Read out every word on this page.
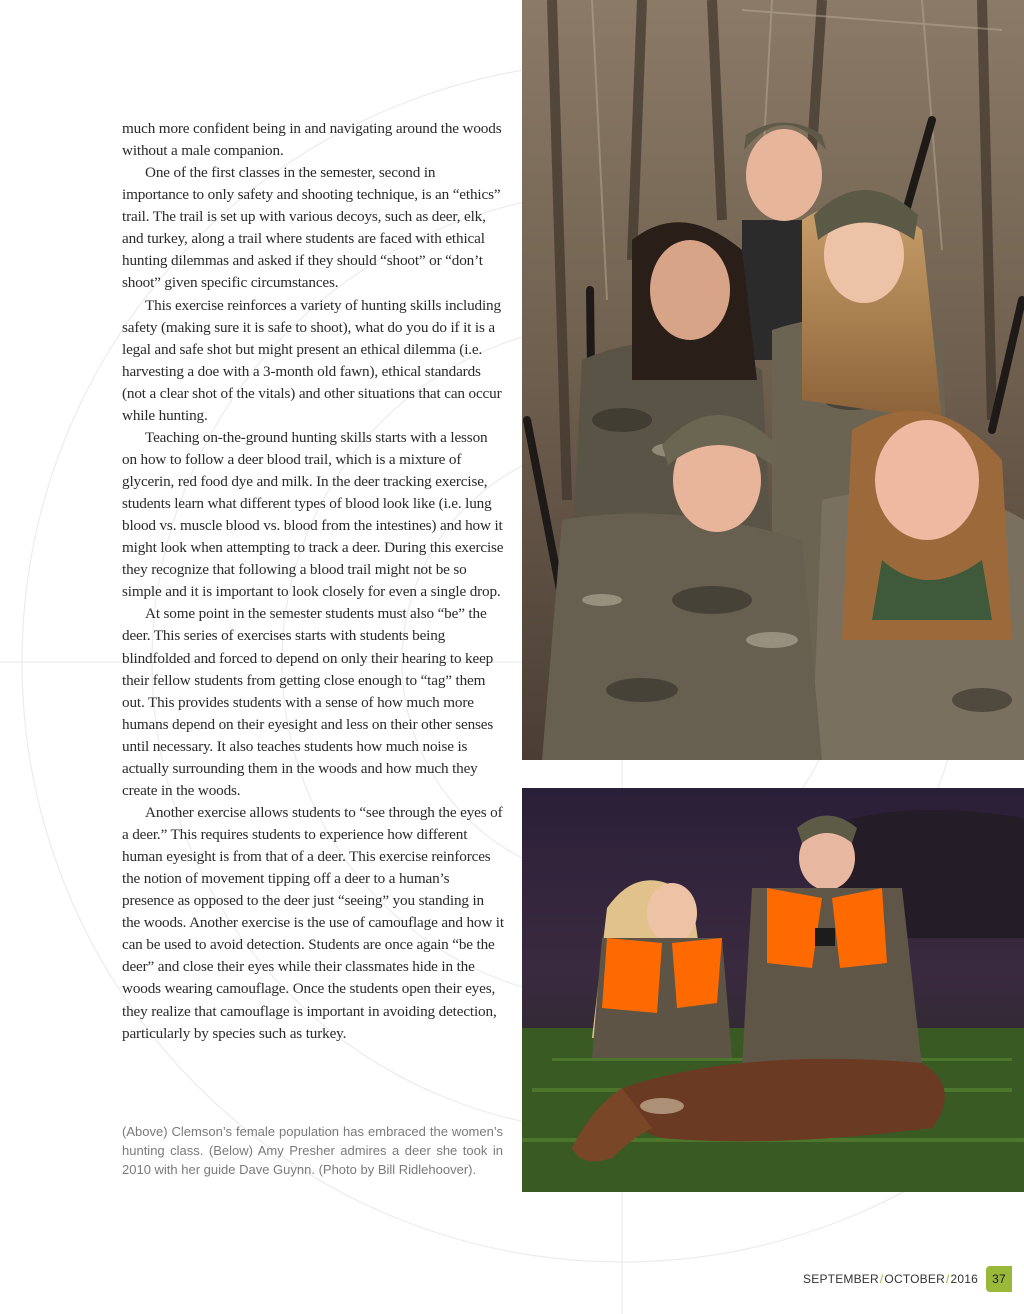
much more confident being in and navigating around the woods without a male companion.

One of the first classes in the semester, second in importance to only safety and shooting technique, is an “ethics” trail. The trail is set up with various decoys, such as deer, elk, and turkey, along a trail where students are faced with ethical hunting dilemmas and asked if they should “shoot” or “don’t shoot” given specific circumstances.

This exercise reinforces a variety of hunting skills including safety (making sure it is safe to shoot), what do you do if it is a legal and safe shot but might present an ethical dilemma (i.e. harvesting a doe with a 3-month old fawn), ethical standards (not a clear shot of the vitals) and other situations that can occur while hunting.

Teaching on-the-ground hunting skills starts with a lesson on how to follow a deer blood trail, which is a mixture of glycerin, red food dye and milk. In the deer tracking exercise, students learn what different types of blood look like (i.e. lung blood vs. muscle blood vs. blood from the intestines) and how it might look when attempting to track a deer. During this exercise they recognize that following a blood trail might not be so simple and it is important to look closely for even a single drop.

At some point in the semester students must also “be” the deer. This series of exercises starts with students being blindfolded and forced to depend on only their hearing to keep their fellow students from getting close enough to “tag” them out. This provides students with a sense of how much more humans depend on their eyesight and less on their other senses until necessary. It also teaches students how much noise is actually surrounding them in the woods and how much they create in the woods.

Another exercise allows students to “see through the eyes of a deer.” This requires students to experience how different human eyesight is from that of a deer. This exercise reinforces the notion of movement tipping off a deer to a human’s presence as opposed to the deer just “seeing” you standing in the woods. Another exercise is the use of camouflage and how it can be used to avoid detection. Students are once again “be the deer” and close their eyes while their classmates hide in the woods wearing camouflage. Once the students open their eyes, they realize that camouflage is important in avoiding detection, particularly by species such as turkey.

(Above) Clemson’s female population has embraced the women’s hunting class. (Below) Amy Presher admires a deer she took in 2010 with her guide Dave Guynn. (Photo by Bill Ridlehoover).
SEPTEMBER / OCTOBER / 2016	37
